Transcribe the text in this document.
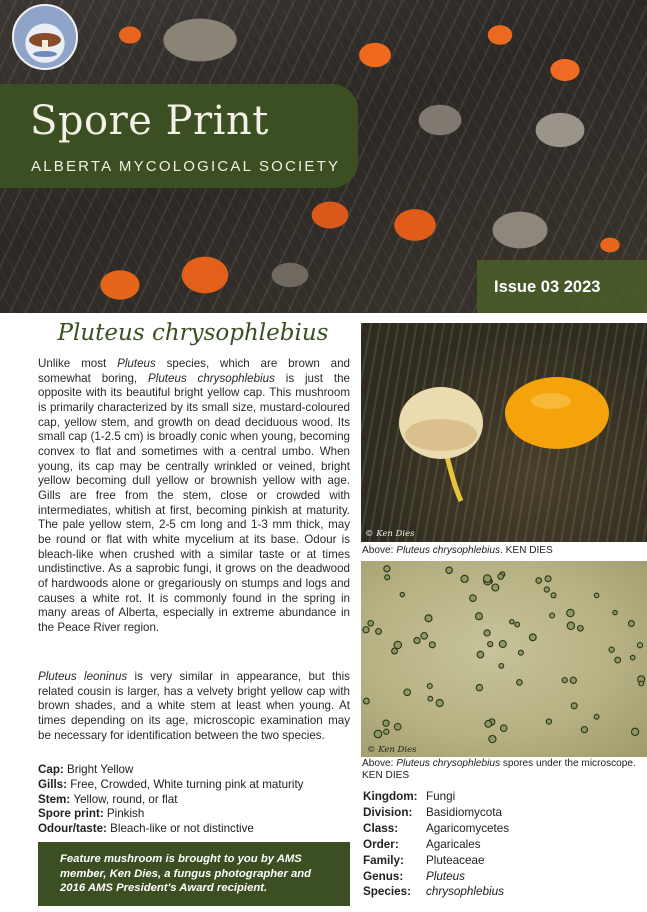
Spore Print
ALBERTA MYCOLOGICAL SOCIETY
Issue 03 2023
Pluteus chrysophlebius

Unlike most Pluteus species, which are brown and somewhat boring, Pluteus chrysophlebius is just the opposite with its beautiful bright yellow cap. This mushroom is primarily characterized by its small size, mustard-coloured cap, yellow stem, and growth on dead deciduous wood. Its small cap (1-2.5 cm) is broadly conic when young, becoming convex to flat and sometimes with a central umbo. When young, its cap may be centrally wrinkled or veined, bright yellow becoming dull yellow or brownish yellow with age. Gills are free from the stem, close or crowded with intermediates, whitish at first, becoming pinkish at maturity. The pale yellow stem, 2-5 cm long and 1-3 mm thick, may be round or flat with white mycelium at its base. Odour is bleach-like when crushed with a similar taste or at times undistinctive. As a saprobic fungi, it grows on the deadwood of hardwoods alone or gregariously on stumps and logs and causes a white rot. It is commonly found in the spring in many areas of Alberta, especially in extreme abundance in the Peace River region.

Pluteus leoninus is very similar in appearance, but this related cousin is larger, has a velvety bright yellow cap with brown shades, and a white stem at least when young. At times depending on its age, microscopic examination may be necessary for identification between the two species.

Cap: Bright Yellow
Gills: Free, Crowded, White turning pink at maturity
Stem: Yellow, round, or flat
Spore print: Pinkish
Odour/taste: Bleach-like or not distinctive
Feature mushroom is brought to you by AMS member, Ken Dies, a fungus photographer and 2016 AMS President's Award recipient.
© Ken Dies
Above: Pluteus chrysophlebius. KEN DIES
© Ken Dies
Above: Pluteus chrysophlebius spores under the microscope. KEN DIES
Kingdom: Fungi
Division:	Basidiomycota
Class:	Agaricomycetes
Order:	Agaricales
Family:	Pluteaceae
Genus:	Pluteus
Species:	chrysophlebius
